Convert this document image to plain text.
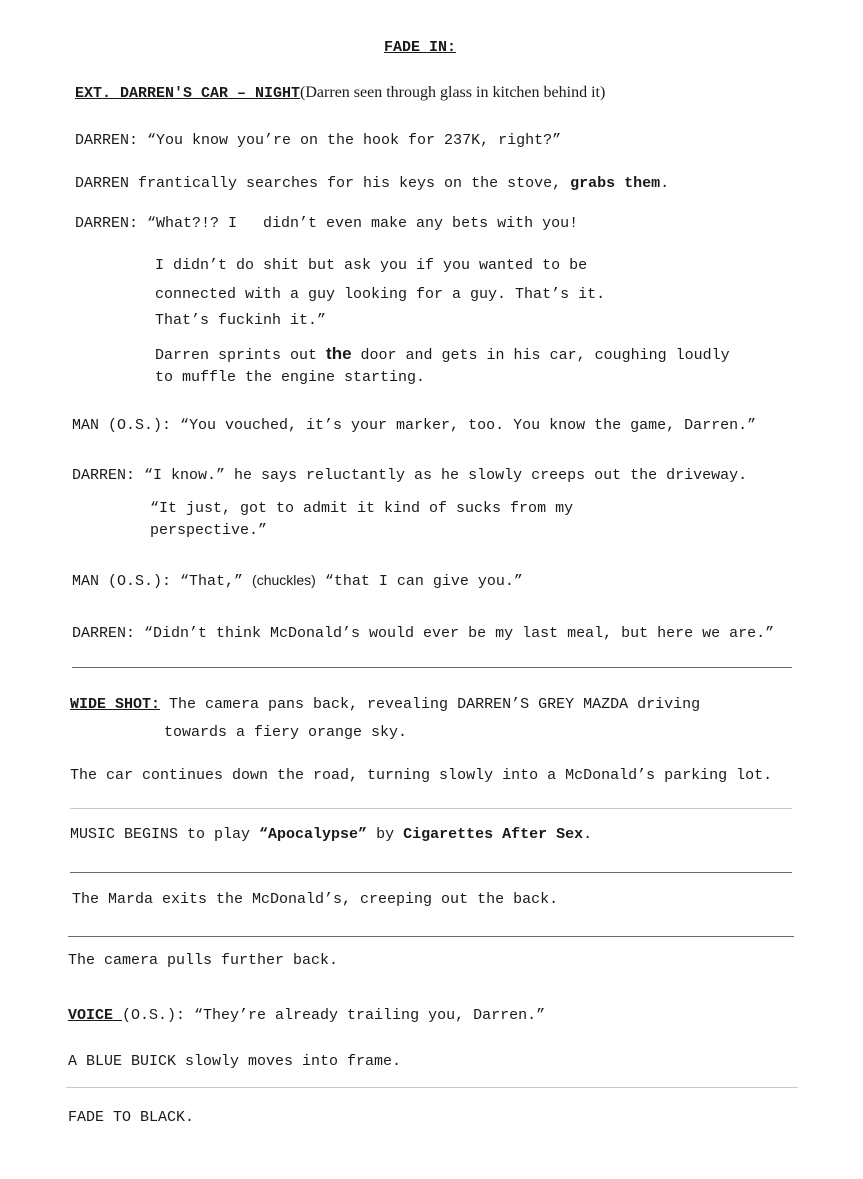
FADE IN:
EXT. DARREN'S CAR – NIGHT(Darren seen through glass in kitchen behind it)
DARREN: “You know you’re on the hook for 237K, right?”
DARREN frantically searches for his keys on the stove, grabs them.
DARREN: “What?!? I didn’t even make any bets with you!
I didn’t do shit but ask you if you wanted to be
connected with a guy looking for a guy. That’s it.
That’s fuckinh it.”
Darren sprints out the door and gets in his car, coughing loudly
to muffle the engine starting.
MAN (O.S.): “You vouched, it’s your marker, too. You know the game, Darren.”
DARREN: “I know.” he says reluctantly as he slowly creeps out the driveway.
“It just, got to admit it kind of sucks from my
perspective.”
MAN (O.S.): “That,” (chuckles) “that I can give you.”
DARREN: “Didn’t think McDonald’s would ever be my last meal, but here we are.”
WIDE SHOT: The camera pans back, revealing DARREN’S GREY MAZDA driving
towards a fiery orange sky.
The car continues down the road, turning slowly into a McDonald’s parking lot.
MUSIC BEGINS to play “Apocalypse” by Cigarettes After Sex.
The Marda exits the McDonald’s, creeping out the back.
The camera pulls further back.
VOICE (O.S.): “They’re already trailing you, Darren.”
A BLUE BUICK slowly moves into frame.
FADE TO BLACK.
